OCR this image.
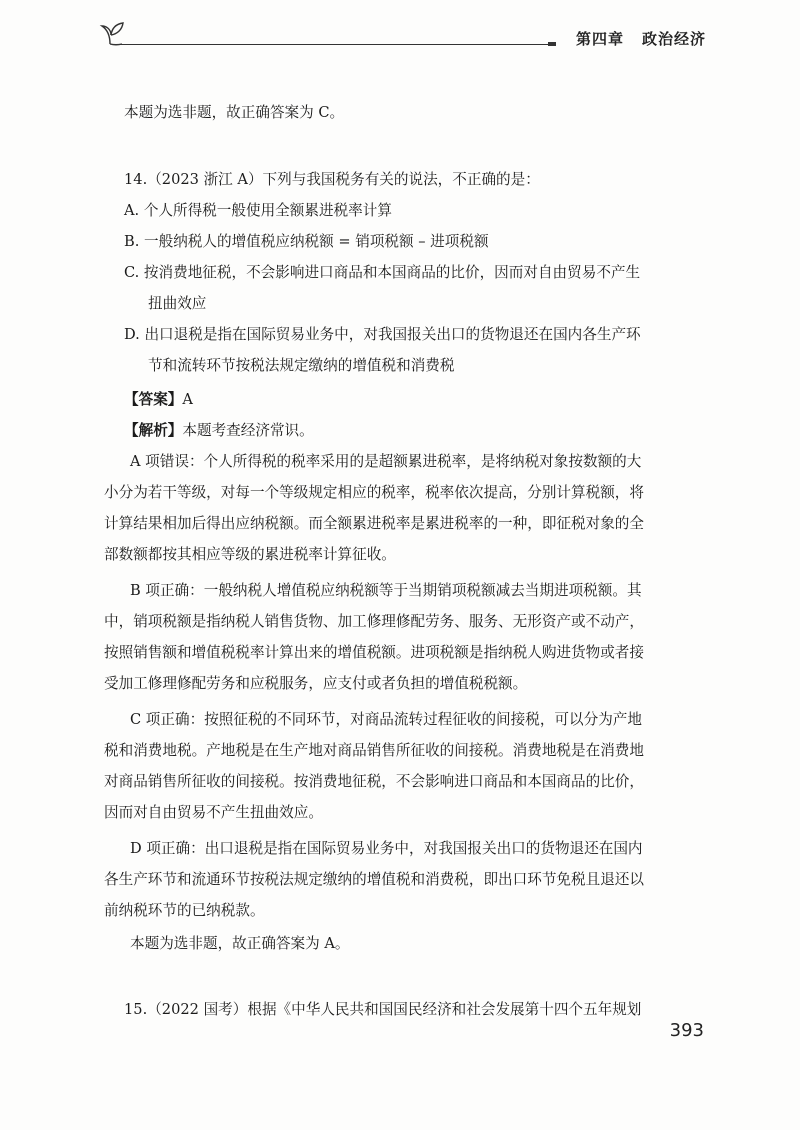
第四章 政治经济
本题为选非题，故正确答案为 C。
14.（2023 浙江 A）下列与我国税务有关的说法，不正确的是：
A. 个人所得税一般使用全额累进税率计算
B. 一般纳税人的增值税应纳税额 = 销项税额 – 进项税额
C. 按消费地征税，不会影响进口商品和本国商品的比价，因而对自由贸易不产生
扭曲效应
D. 出口退税是指在国际贸易业务中，对我国报关出口的货物退还在国内各生产环
节和流转环节按税法规定缴纳的增值税和消费税
【答案】A
【解析】本题考查经济常识。
A 项错误：个人所得税的税率采用的是超额累进税率，是将纳税对象按数额的大
小分为若干等级，对每一个等级规定相应的税率，税率依次提高，分别计算税额，将
计算结果相加后得出应纳税额。而全额累进税率是累进税率的一种，即征税对象的全
部数额都按其相应等级的累进税率计算征收。
B 项正确：一般纳税人增值税应纳税额等于当期销项税额减去当期进项税额。其
中，销项税额是指纳税人销售货物、加工修理修配劳务、服务、无形资产或不动产，
按照销售额和增值税税率计算出来的增值税额。进项税额是指纳税人购进货物或者接
受加工修理修配劳务和应税服务，应支付或者负担的增值税税额。
C 项正确：按照征税的不同环节，对商品流转过程征收的间接税，可以分为产地
税和消费地税。产地税是在生产地对商品销售所征收的间接税。消费地税是在消费地
对商品销售所征收的间接税。按消费地征税，不会影响进口商品和本国商品的比价，
因而对自由贸易不产生扭曲效应。
D 项正确：出口退税是指在国际贸易业务中，对我国报关出口的货物退还在国内
各生产环节和流通环节按税法规定缴纳的增值税和消费税，即出口环节免税且退还以
前纳税环节的已纳税款。
本题为选非题，故正确答案为 A。
15.（2022 国考）根据《中华人民共和国国民经济和社会发展第十四个五年规划
393
